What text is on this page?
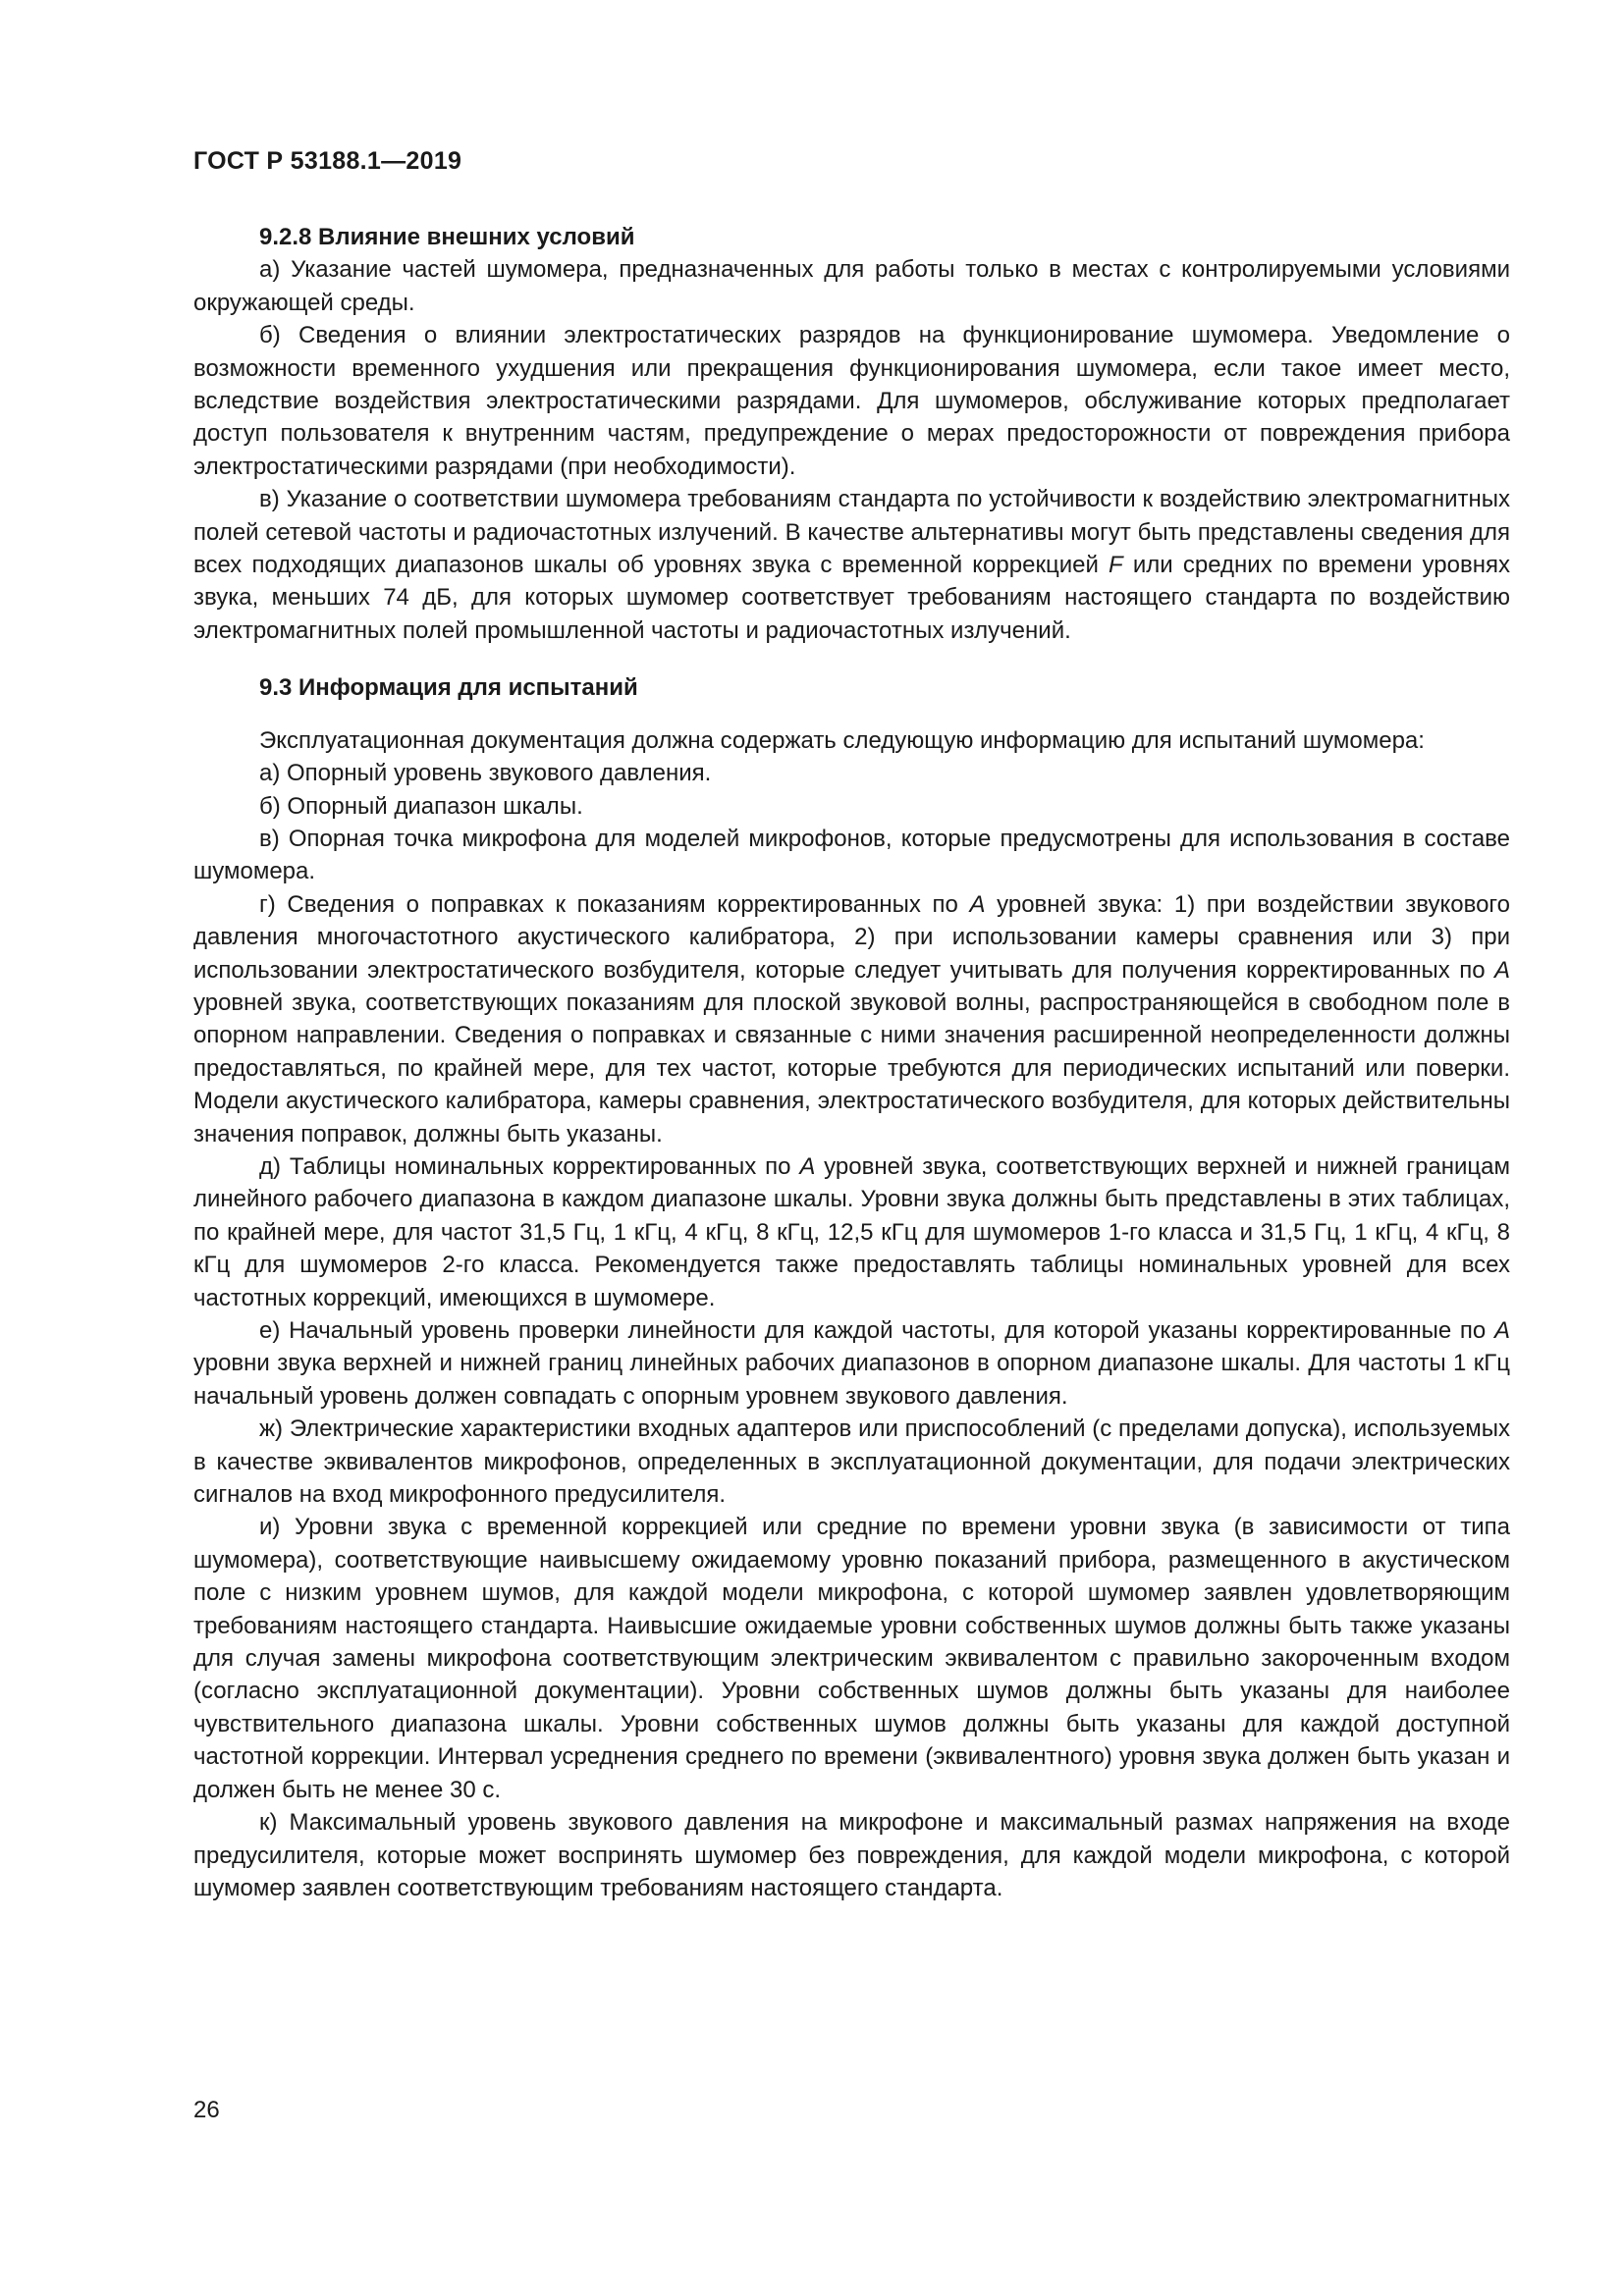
ГОСТ Р 53188.1—2019
9.2.8 Влияние внешних условий

а) Указание частей шумомера, предназначенных для работы только в местах с контролируемыми условиями окружающей среды.

б) Сведения о влиянии электростатических разрядов на функционирование шумомера. Уведомление о возможности временного ухудшения или прекращения функционирования шумомера, если такое имеет место, вследствие воздействия электростатическими разрядами. Для шумомеров, обслуживание которых предполагает доступ пользователя к внутренним частям, предупреждение о мерах предосторожности от повреждения прибора электростатическими разрядами (при необходимости).

в) Указание о соответствии шумомера требованиям стандарта по устойчивости к воздействию электромагнитных полей сетевой частоты и радиочастотных излучений. В качестве альтернативы могут быть представлены сведения для всех подходящих диапазонов шкалы об уровнях звука с временной коррекцией F или средних по времени уровнях звука, меньших 74 дБ, для которых шумомер соответствует требованиям настоящего стандарта по воздействию электромагнитных полей промышленной частоты и радиочастотных излучений.

9.3 Информация для испытаний

Эксплуатационная документация должна содержать следующую информацию для испытаний шумомера:

а) Опорный уровень звукового давления.

б) Опорный диапазон шкалы.

в) Опорная точка микрофона для моделей микрофонов, которые предусмотрены для использования в составе шумомера.

г) Сведения о поправках к показаниям корректированных по A уровней звука: 1) при воздействии звукового давления многочастотного акустического калибратора, 2) при использовании камеры сравнения или 3) при использовании электростатического возбудителя, которые следует учитывать для получения корректированных по A уровней звука, соответствующих показаниям для плоской звуковой волны, распространяющейся в свободном поле в опорном направлении. Сведения о поправках и связанные с ними значения расширенной неопределенности должны предоставляться, по крайней мере, для тех частот, которые требуются для периодических испытаний или поверки. Модели акустического калибратора, камеры сравнения, электростатического возбудителя, для которых действительны значения поправок, должны быть указаны.

д) Таблицы номинальных корректированных по A уровней звука, соответствующих верхней и нижней границам линейного рабочего диапазона в каждом диапазоне шкалы. Уровни звука должны быть представлены в этих таблицах, по крайней мере, для частот 31,5 Гц, 1 кГц, 4 кГц, 8 кГц, 12,5 кГц для шумомеров 1-го класса и 31,5 Гц, 1 кГц, 4 кГц, 8 кГц для шумомеров 2-го класса. Рекомендуется также предоставлять таблицы номинальных уровней для всех частотных коррекций, имеющихся в шумомере.

е) Начальный уровень проверки линейности для каждой частоты, для которой указаны корректированные по A уровни звука верхней и нижней границ линейных рабочих диапазонов в опорном диапазоне шкалы. Для частоты 1 кГц начальный уровень должен совпадать с опорным уровнем звукового давления.

ж) Электрические характеристики входных адаптеров или приспособлений (с пределами допуска), используемых в качестве эквивалентов микрофонов, определенных в эксплуатационной документации, для подачи электрических сигналов на вход микрофонного предусилителя.

и) Уровни звука с временной коррекцией или средние по времени уровни звука (в зависимости от типа шумомера), соответствующие наивысшему ожидаемому уровню показаний прибора, размещенного в акустическом поле с низким уровнем шумов, для каждой модели микрофона, с которой шумомер заявлен удовлетворяющим требованиям настоящего стандарта. Наивысшие ожидаемые уровни собственных шумов должны быть также указаны для случая замены микрофона соответствующим электрическим эквивалентом с правильно закороченным входом (согласно эксплуатационной документации). Уровни собственных шумов должны быть указаны для наиболее чувствительного диапазона шкалы. Уровни собственных шумов должны быть указаны для каждой доступной частотной коррекции. Интервал усреднения среднего по времени (эквивалентного) уровня звука должен быть указан и должен быть не менее 30 с.

к) Максимальный уровень звукового давления на микрофоне и максимальный размах напряжения на входе предусилителя, которые может воспринять шумомер без повреждения, для каждой модели микрофона, с которой шумомер заявлен соответствующим требованиям настоящего стандарта.

26
